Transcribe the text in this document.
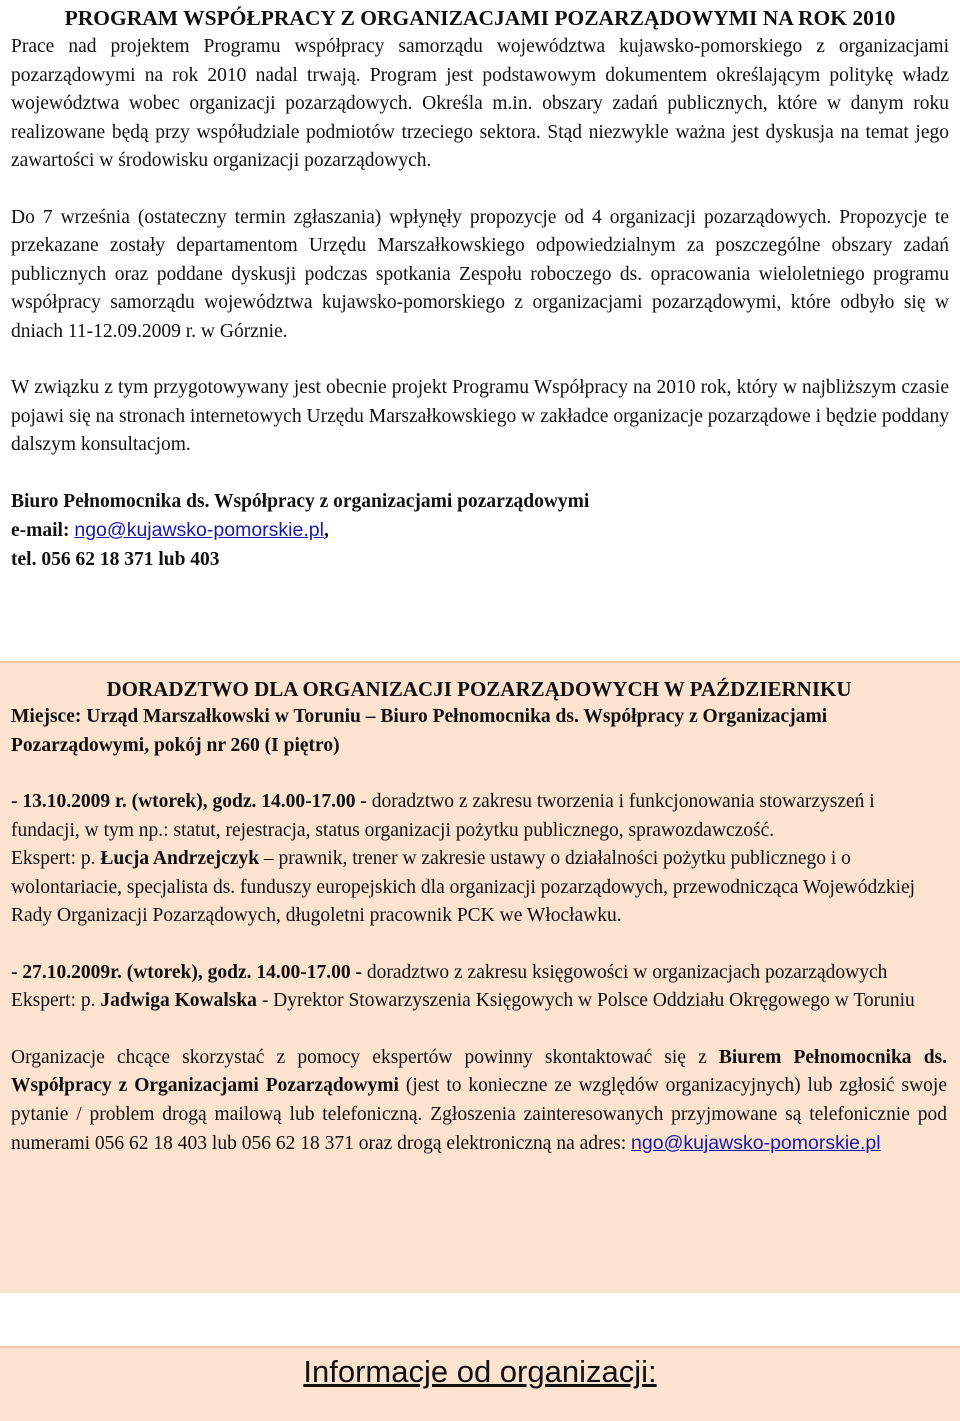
PROGRAM WSPÓŁPRACY Z ORGANIZACJAMI POZARZĄDOWYMI NA ROK 2010

Prace nad projektem Programu współpracy samorządu województwa kujawsko-pomorskiego z organizacjami pozarządowymi na rok 2010 nadal trwają. Program jest podstawowym dokumentem określającym politykę władz województwa wobec organizacji pozarządowych. Określa m.in. obszary zadań publicznych, które w danym roku realizowane będą przy współudziale podmiotów trzeciego sektora. Stąd niezwykle ważna jest dyskusja na temat jego zawartości w środowisku organizacji pozarządowych.

Do 7 września (ostateczny termin zgłaszania) wpłynęły propozycje od 4 organizacji pozarządowych. Propozycje te przekazane zostały departamentom Urzędu Marszałkowskiego odpowiedzialnym za poszczególne obszary zadań publicznych oraz poddane dyskusji podczas spotkania Zespołu roboczego ds. opracowania wieloletniego programu współpracy samorządu województwa kujawsko-pomorskiego z organizacjami pozarządowymi, które odbyło się w dniach 11-12.09.2009 r. w Górznie.

W związku z tym przygotowywany jest obecnie projekt Programu Współpracy na 2010 rok, który w najbliższym czasie pojawi się na stronach internetowych Urzędu Marszałkowskiego w zakładce organizacje pozarządowe i będzie poddany dalszym konsultacjom.

Biuro Pełnomocnika ds. Współpracy z organizacjami pozarządowymi
e-mail: ngo@kujawsko-pomorskie.pl,
tel. 056 62 18 371 lub 403
DORADZTWO DLA ORGANIZACJI POZARZĄDOWYCH W PAŹDZIERNIKU
Miejsce: Urząd Marszałkowski w Toruniu – Biuro Pełnomocnika ds. Współpracy z Organizacjami Pozarządowymi, pokój nr 260 (I piętro)

- 13.10.2009 r. (wtorek), godz. 14.00-17.00 - doradztwo z zakresu tworzenia i funkcjonowania stowarzyszeń i fundacji, w tym np.: statut, rejestracja, status organizacji pożytku publicznego, sprawozdawczość.
Ekspert: p. Łucja Andrzejczyk – prawnik, trener w zakresie ustawy o działalności pożytku publicznego i o wolontariacie, specjalista ds. funduszy europejskich dla organizacji pozarządowych, przewodnicząca Wojewódzkiej Rady Organizacji Pozarządowych, długoletni pracownik PCK we Włocławku.

- 27.10.2009r. (wtorek), godz. 14.00-17.00 - doradztwo z zakresu księgowości w organizacjach pozarządowych
Ekspert: p. Jadwiga Kowalska - Dyrektor Stowarzyszenia Księgowych w Polsce Oddziału Okręgowego w Toruniu

Organizacje chcące skorzystać z pomocy ekspertów powinny skontaktować się z Biurem Pełnomocnika ds. Współpracy z Organizacjami Pozarządowymi (jest to konieczne ze względów organizacyjnych) lub zgłosić swoje pytanie / problem drogą mailową lub telefoniczną. Zgłoszenia zainteresowanych przyjmowane są telefonicznie pod numerami 056 62 18 403 lub 056 62 18 371 oraz drogą elektroniczną na adres: ngo@kujawsko-pomorskie.pl

Informacje od organizacji:
